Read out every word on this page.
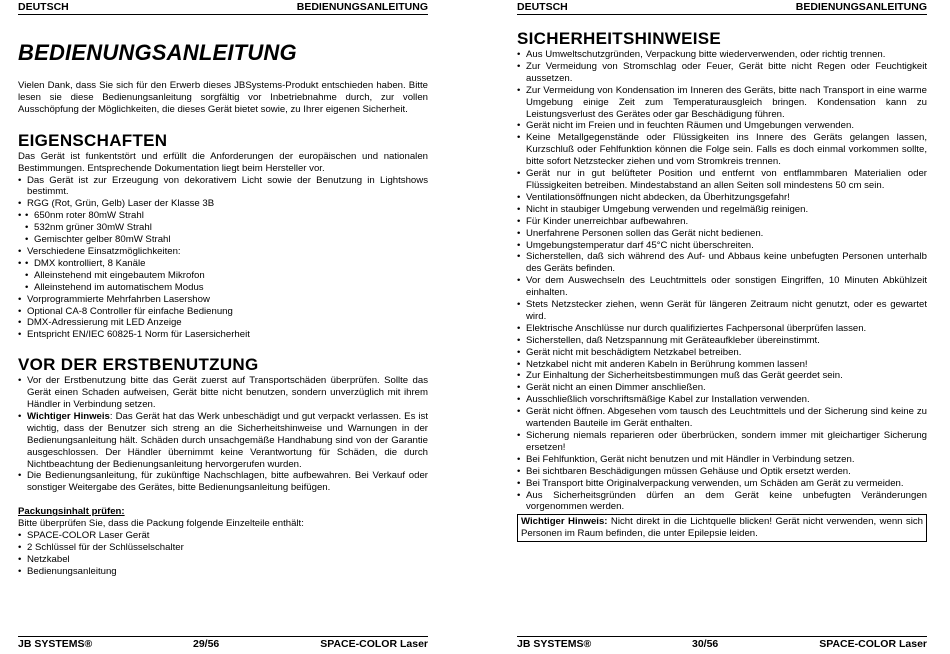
DEUTSCH	BEDIENUNGSANLEITUNG
BEDIENUNGSANLEITUNG

Vielen Dank, dass Sie sich für den Erwerb dieses JBSystems-Produkt entschieden haben. Bitte lesen sie diese Bedienungsanleitung sorgfältig vor Inbetriebnahme durch, zur vollen Ausschöpfung der Möglichkeiten, die dieses Gerät bietet sowie, zu Ihrer eigenen Sicherheit.

EIGENSCHAFTEN

Das Gerät ist funkentstört und erfüllt die Anforderungen der europäischen und nationalen Bestimmungen. Entsprechende Dokumentation liegt beim Hersteller vor.

• Das Gerät ist zur Erzeugung von dekorativem Licht sowie der Benutzung in Lightshows bestimmt.
• RGG (Rot, Grün, Gelb) Laser der Klasse 3B
• • 650nm roter 80mW Strahl
• 532nm grüner 30mW Strahl
• Gemischter gelber 80mW Strahl
• Verschiedene Einsatzmöglichkeiten:
• • DMX kontrolliert, 8 Kanäle
• Alleinstehend mit eingebautem Mikrofon
• Alleinstehend im automatischem Modus
• Vorprogrammierte Mehrfahrben Lasershow
• Optional CA-8 Controller für einfache Bedienung
• DMX-Adressierung mit LED Anzeige
• Entspricht EN/IEC 60825-1 Norm für Lasersicherheit
VOR DER ERSTBENUTZUNG
• Vor der Erstbenutzung bitte das Gerät zuerst auf Transportschäden überprüfen. Sollte das Gerät einen Schaden aufweisen, Gerät bitte nicht benutzen, sondern unverzüglich mit ihrem Händler in Verbindung setzen.
• Wichtiger Hinweis: Das Gerät hat das Werk unbeschädigt und gut verpackt verlassen. Es ist wichtig, dass der Benutzer sich streng an die Sicherheitshinweise und Warnungen in der Bedienungsanleitung hält. Schäden durch unsachgemäße Handhabung sind von der Garantie ausgeschlossen. Der Händler übernimmt keine Verantwortung für Schäden, die durch Nichtbeachtung der Bedienungsanleitung hervorgerufen wurden.
• Die Bedienungsanleitung, für zukünftige Nachschlagen, bitte aufbewahren. Bei Verkauf oder sonstiger Weitergabe des Gerätes, bitte Bedienungsanleitung beifügen.
Packungsinhalt prüfen:

Bitte überprüfen Sie, dass die Packung folgende Einzelteile enthält:

• SPACE-COLOR Laser Gerät
• 2 Schlüssel für der Schlüsselschalter
• Netzkabel
• Bedienungsanleitung
JB SYSTEMS®	29/56	SPACE-COLOR Laser
DEUTSCH	BEDIENUNGSANLEITUNG
SICHERHEITSHINWEISE
• Aus Umweltschutzgründen, Verpackung bitte wiederverwenden, oder richtig trennen.
• Zur Vermeidung von Stromschlag oder Feuer, Gerät bitte nicht Regen oder Feuchtigkeit aussetzen.
• Zur Vermeidung von Kondensation im Inneren des Geräts, bitte nach Transport in eine warme Umgebung einige Zeit zum Temperaturausgleich bringen. Kondensation kann zu Leistungsverlust des Gerätes oder gar Beschädigung führen.
• Gerät nicht im Freien und in feuchten Räumen und Umgebungen verwenden.
• Keine Metallgegenstände oder Flüssigkeiten ins Innere des Geräts gelangen lassen, Kurzschluß oder Fehlfunktion können die Folge sein. Falls es doch einmal vorkommen sollte, bitte sofort Netzstecker ziehen und vom Stromkreis trennen.
• Gerät nur in gut belüfteter Position und entfernt von entflammbaren Materialien oder Flüssigkeiten betreiben. Mindestabstand an allen Seiten soll mindestens 50 cm sein.
• Ventilationsöffnungen nicht abdecken, da Überhitzungsgefahr!
• Nicht in staubiger Umgebung verwenden und regelmäßig reinigen.
• Für Kinder unerreichbar aufbewahren.
• Unerfahrene Personen sollen das Gerät nicht bedienen.
• Umgebungstemperatur darf 45°C nicht überschreiten.
• Sicherstellen, daß sich während des Auf- und Abbaus keine unbefugten Personen unterhalb des Geräts befinden.
• Vor dem Auswechseln des Leuchtmittels oder sonstigen Eingriffen, 10 Minuten Abkühlzeit einhalten.
• Stets Netzstecker ziehen, wenn Gerät für längeren Zeitraum nicht genutzt, oder es gewartet wird.
• Elektrische Anschlüsse nur durch qualifiziertes Fachpersonal überprüfen lassen.
• Sicherstellen, daß Netzspannung mit Geräteaufkleber übereinstimmt.
• Gerät nicht mit beschädigtem Netzkabel betreiben.
• Netzkabel nicht mit anderen Kabeln in Berührung kommen lassen!
• Zur Einhaltung der Sicherheitsbestimmungen muß das Gerät geerdet sein.
• Gerät nicht an einen Dimmer anschließen.
• Ausschließlich vorschriftsmäßige Kabel zur Installation verwenden.
• Gerät nicht öffnen. Abgesehen vom tausch des Leuchtmittels und der Sicherung sind keine zu wartenden Bauteile im Gerät enthalten.
• Sicherung niemals reparieren oder überbrücken, sondern immer mit gleichartiger Sicherung ersetzen!
• Bei Fehlfunktion, Gerät nicht benutzen und mit Händler in Verbindung setzen.
• Bei sichtbaren Beschädigungen müssen Gehäuse und Optik ersetzt werden.
• Bei Transport bitte Originalverpackung verwenden, um Schäden am Gerät zu vermeiden.
• Aus Sicherheitsgründen dürfen an dem Gerät keine unbefugten Veränderungen vorgenommen werden.
Wichtiger Hinweis: Nicht direkt in die Lichtquelle blicken! Gerät nicht verwenden, wenn sich Personen im Raum befinden, die unter Epilepsie leiden.
JB SYSTEMS®	30/56	SPACE-COLOR Laser
